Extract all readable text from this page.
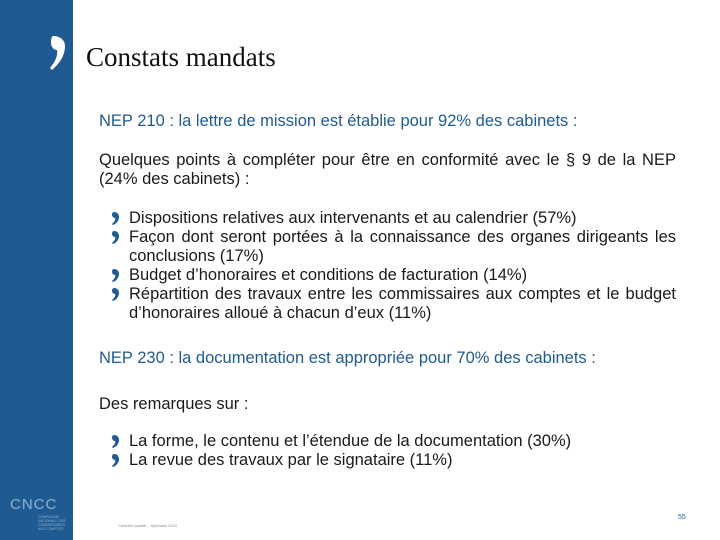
Constats mandats
NEP 210 : la lettre de mission est établie pour 92% des cabinets :
Quelques points à compléter pour être en conformité avec le § 9 de la NEP (24% des cabinets) :
Dispositions relatives aux intervenants et au calendrier (57%)
Façon dont seront portées à la connaissance des organes dirigeants les conclusions (17%)
Budget d’honoraires et conditions de facturation (14%)
Répartition des travaux entre les commissaires aux comptes et le budget d’honoraires alloué à chacun d’eux (11%)
NEP 230 : la documentation est appropriée pour 70% des cabinets :
Des remarques sur :
La forme, le contenu et l’étendue de la documentation (30%)
La revue des travaux par le signataire (11%)
CNCC
COMPAGNIE NATIONALE DES COMMISSAIRES AUX COMPTES
Contrôle qualité – Synthèse 2010
55
